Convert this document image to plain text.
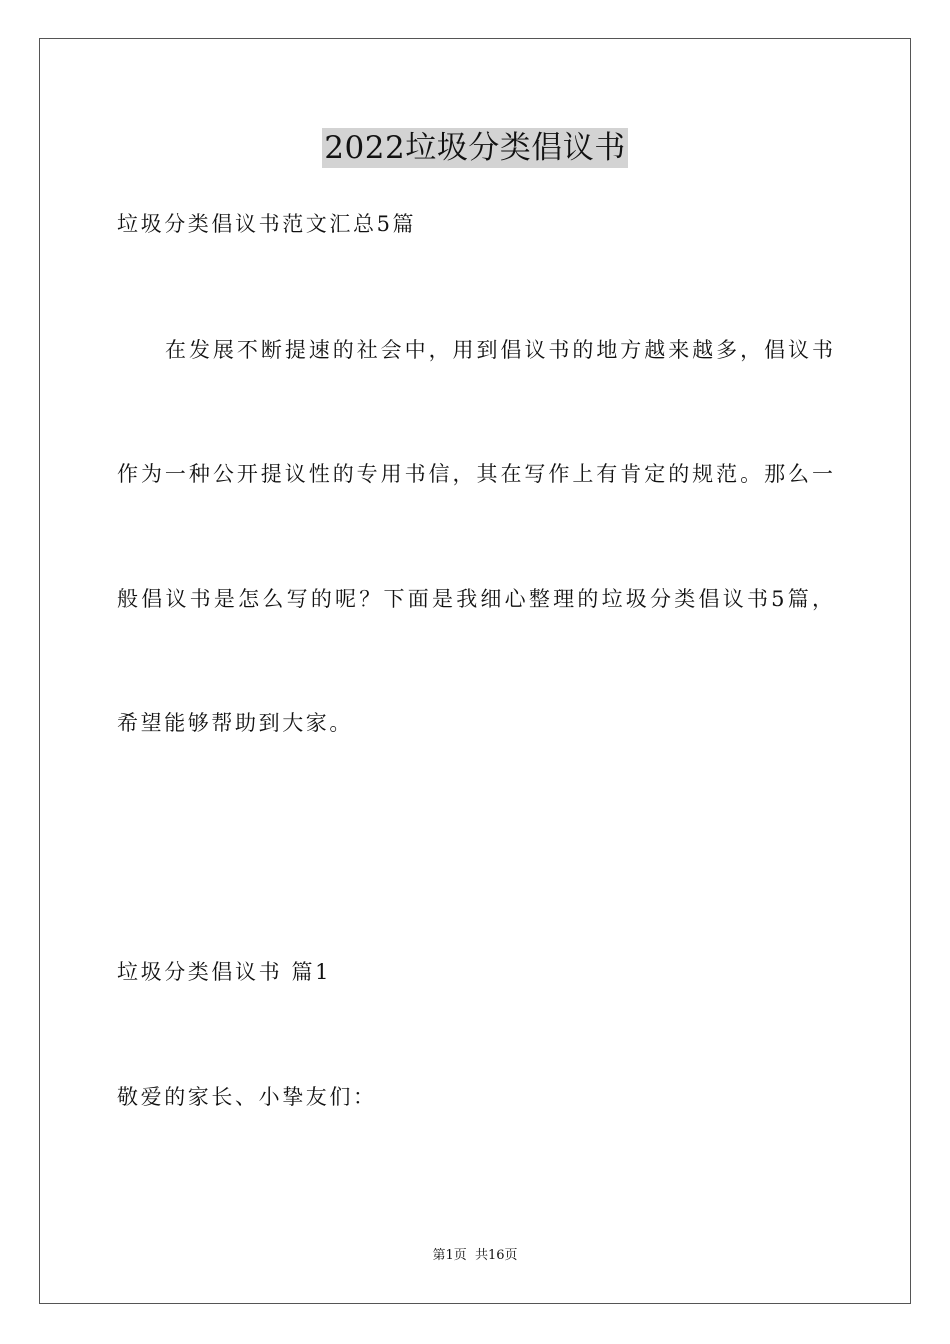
2022垃圾分类倡议书
垃圾分类倡议书范文汇总5篇
在发展不断提速的社会中，用到倡议书的地方越来越多，倡议书
作为一种公开提议性的专用书信，其在写作上有肯定的规范。那么一
般倡议书是怎么写的呢？下面是我细心整理的垃圾分类倡议书5篇，
希望能够帮助到大家。
垃圾分类倡议书 篇1
敬爱的家长、小挚友们：
第1页 共16页
